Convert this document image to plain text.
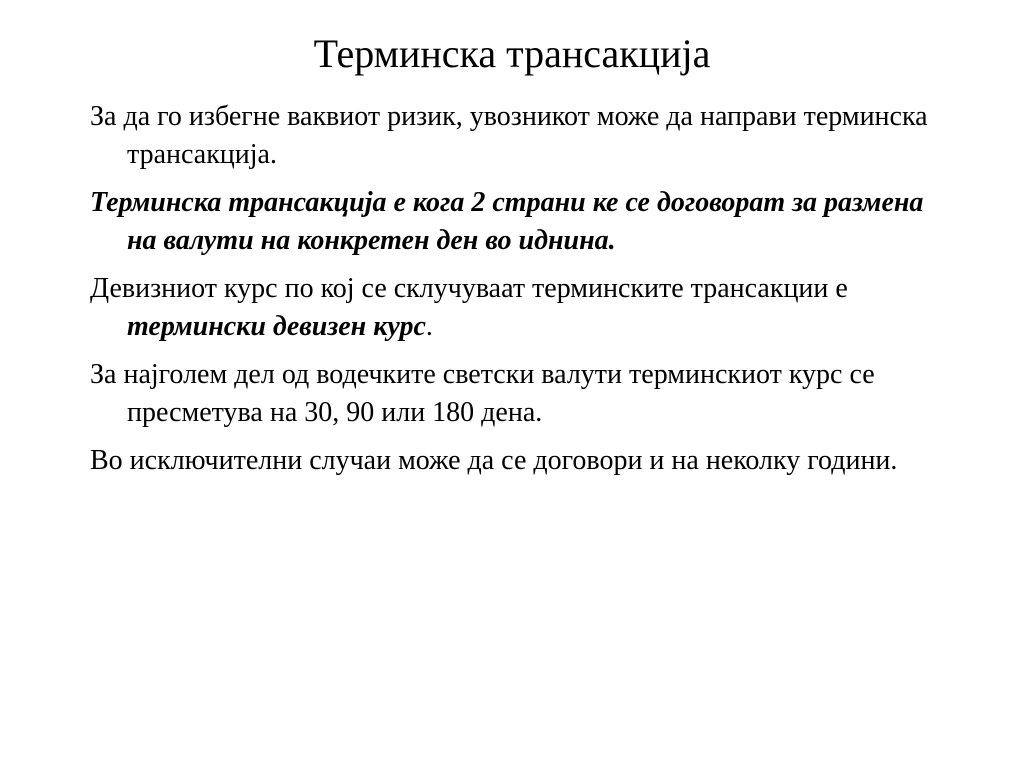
Терминска трансакција
За да го избегне ваквиот ризик, увозникот може да направи терминска трансакција.
Терминска трансакција е кога 2 страни ке се договорат за размена на валути на конкретен ден во иднина.
Девизниот курс по кој се склучуваат терминските трансакции е термински девизен курс.
За најголем дел од водечките светски валути терминскиот курс се пресметува на 30, 90 или 180 дена.
Во исключителни случаи може да се договори и на неколку години.
